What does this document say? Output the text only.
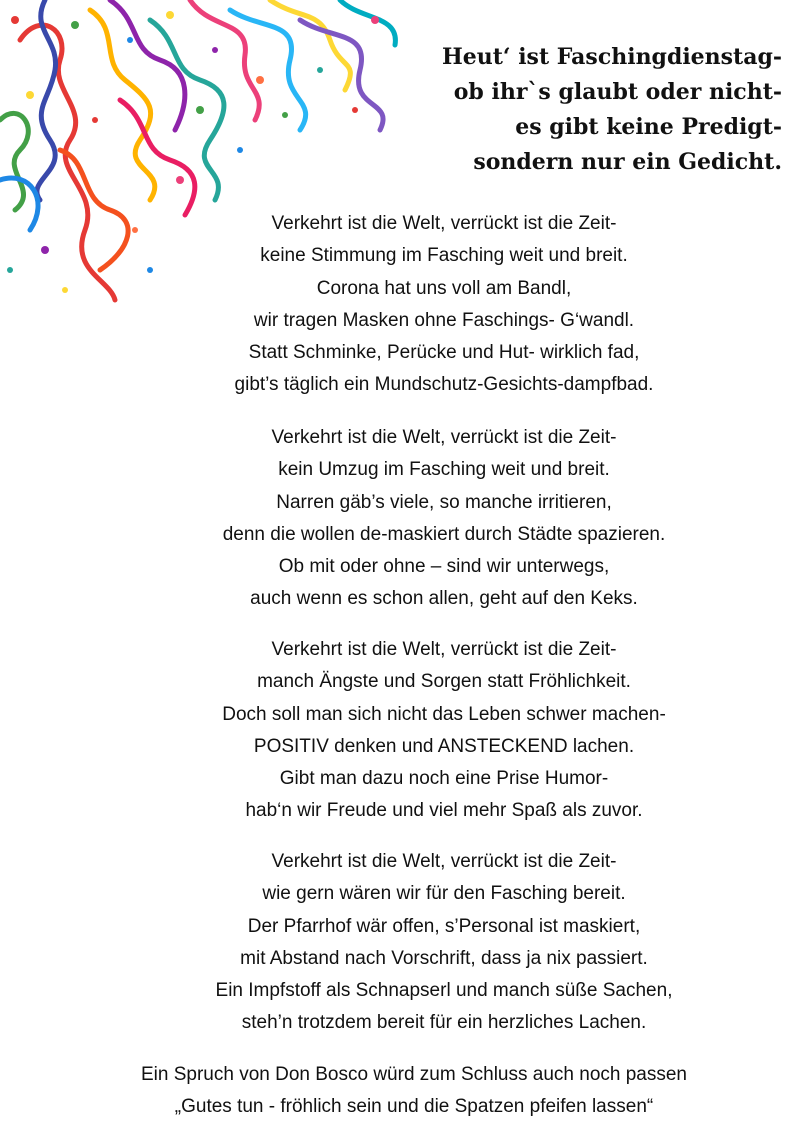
Heut‘ ist Faschingdienstag-
ob ihr`s glaubt oder nicht-
es gibt keine Predigt-
sondern nur ein Gedicht.
Verkehrt ist die Welt, verrückt ist die Zeit-
keine Stimmung im Fasching weit und breit.
Corona hat uns voll am Bandl,
wir tragen Masken ohne Faschings- G‘wandl.
Statt Schminke, Perücke und Hut- wirklich fad,
gibt’s täglich ein Mundschutz-Gesichts-dampfbad.
Verkehrt ist die Welt, verrückt ist die Zeit-
kein Umzug im Fasching weit und breit.
Narren gäb’s viele, so manche irritieren,
denn die wollen de-maskiert durch Städte spazieren.
Ob mit oder ohne – sind wir unterwegs,
auch wenn es schon allen, geht auf den Keks.
Verkehrt ist die Welt, verrückt ist die Zeit-
manch Ängste und Sorgen statt Fröhlichkeit.
Doch soll man sich nicht das Leben schwer machen-
POSITIV denken und ANSTECKEND lachen.
Gibt man dazu noch eine Prise Humor-
hab‘n wir Freude und viel mehr Spaß als zuvor.
Verkehrt ist die Welt, verrückt ist die Zeit-
wie gern wären wir für den Fasching bereit.
Der Pfarrhof wär offen, s’Personal ist maskiert,
mit Abstand nach Vorschrift, dass ja nix passiert.
Ein Impfstoff als Schnapserl und manch süße Sachen,
steh’n trotzdem bereit für ein herzliches Lachen.
Ein Spruch von Don Bosco würd zum Schluss auch noch passen
„Gutes tun - fröhlich sein und die Spatzen pfeifen lassen“
